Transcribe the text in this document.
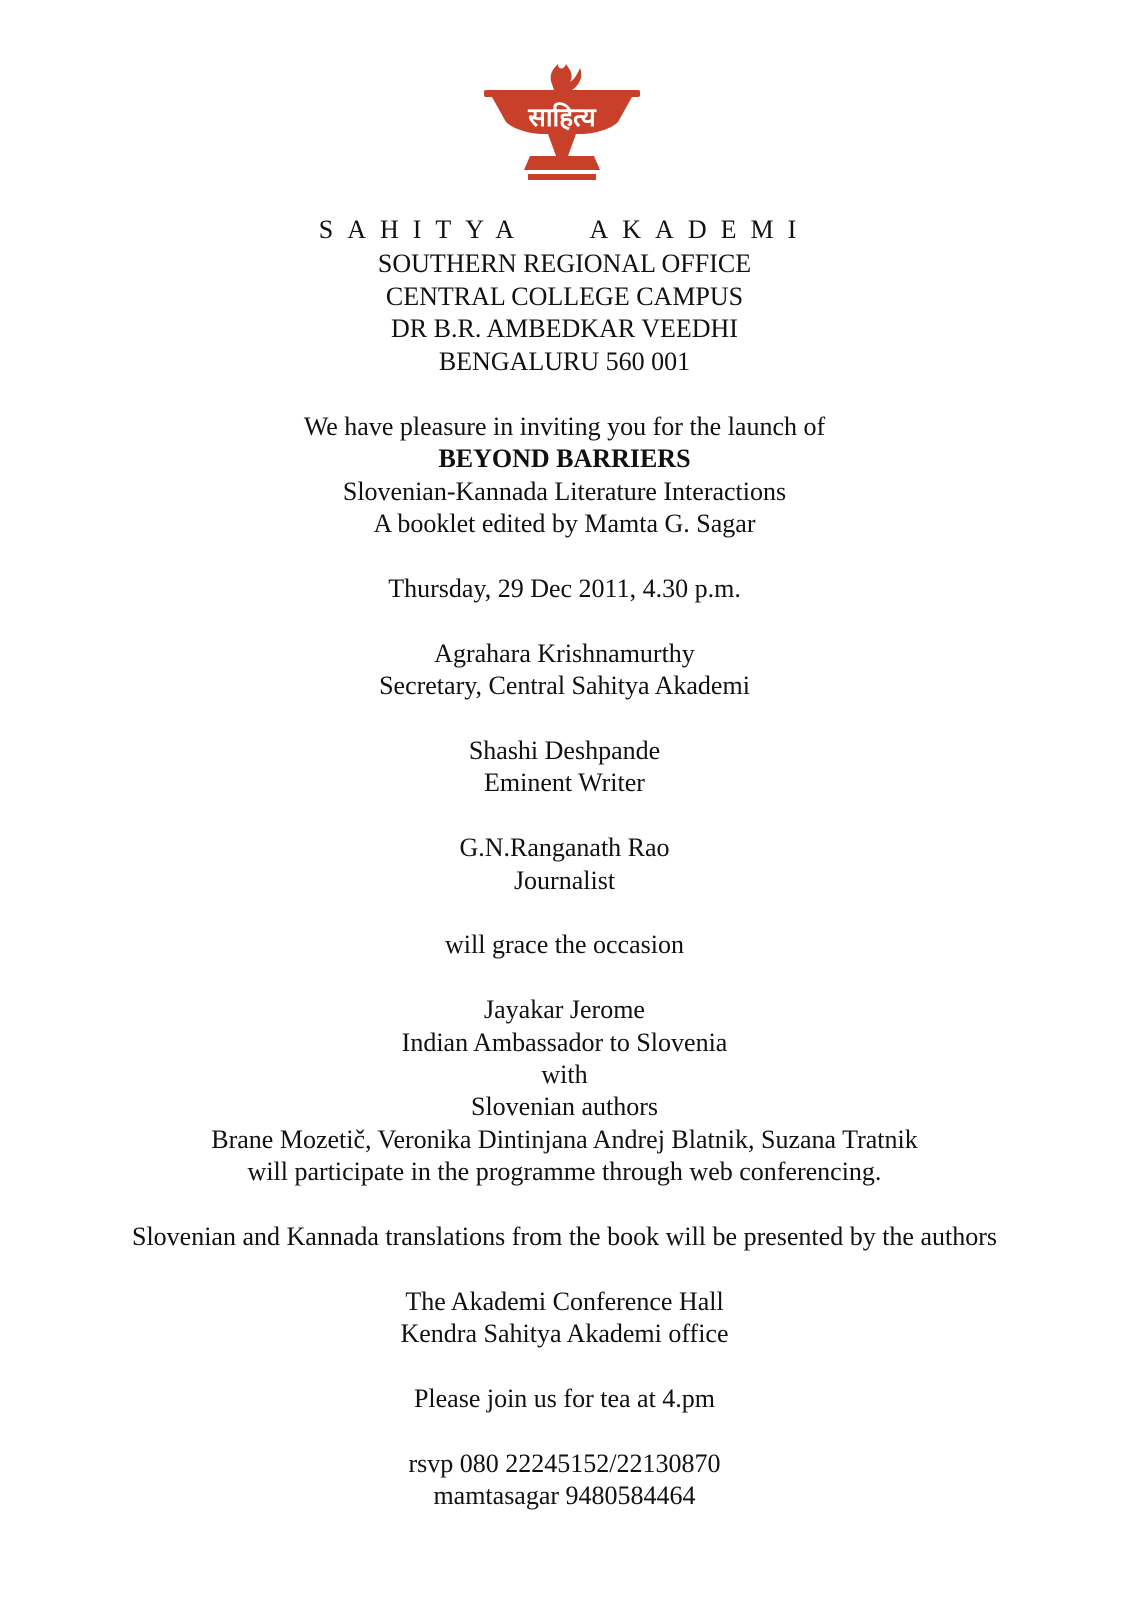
साहित्य
SAHITYA AKADEMI
SOUTHERN REGIONAL OFFICE
CENTRAL COLLEGE CAMPUS
DR B.R. AMBEDKAR VEEDHI
BENGALURU 560 001
We have pleasure in inviting you for the launch of
BEYOND BARRIERS
Slovenian-Kannada Literature Interactions
A booklet edited by Mamta G. Sagar
Thursday, 29 Dec 2011, 4.30 p.m.
Agrahara Krishnamurthy
Secretary, Central Sahitya Akademi
Shashi Deshpande
Eminent Writer
G.N.Ranganath Rao
Journalist
will grace the occasion
Jayakar Jerome
Indian Ambassador to Slovenia
with
Slovenian authors
Brane Mozetič, Veronika Dintinjana Andrej Blatnik, Suzana Tratnik
will participate in the programme through web conferencing.
Slovenian and Kannada translations from the book will be presented by the authors
The Akademi Conference Hall
Kendra Sahitya Akademi office
Please join us for tea at 4.pm
rsvp 080 22245152/22130870
mamtasagar 9480584464
